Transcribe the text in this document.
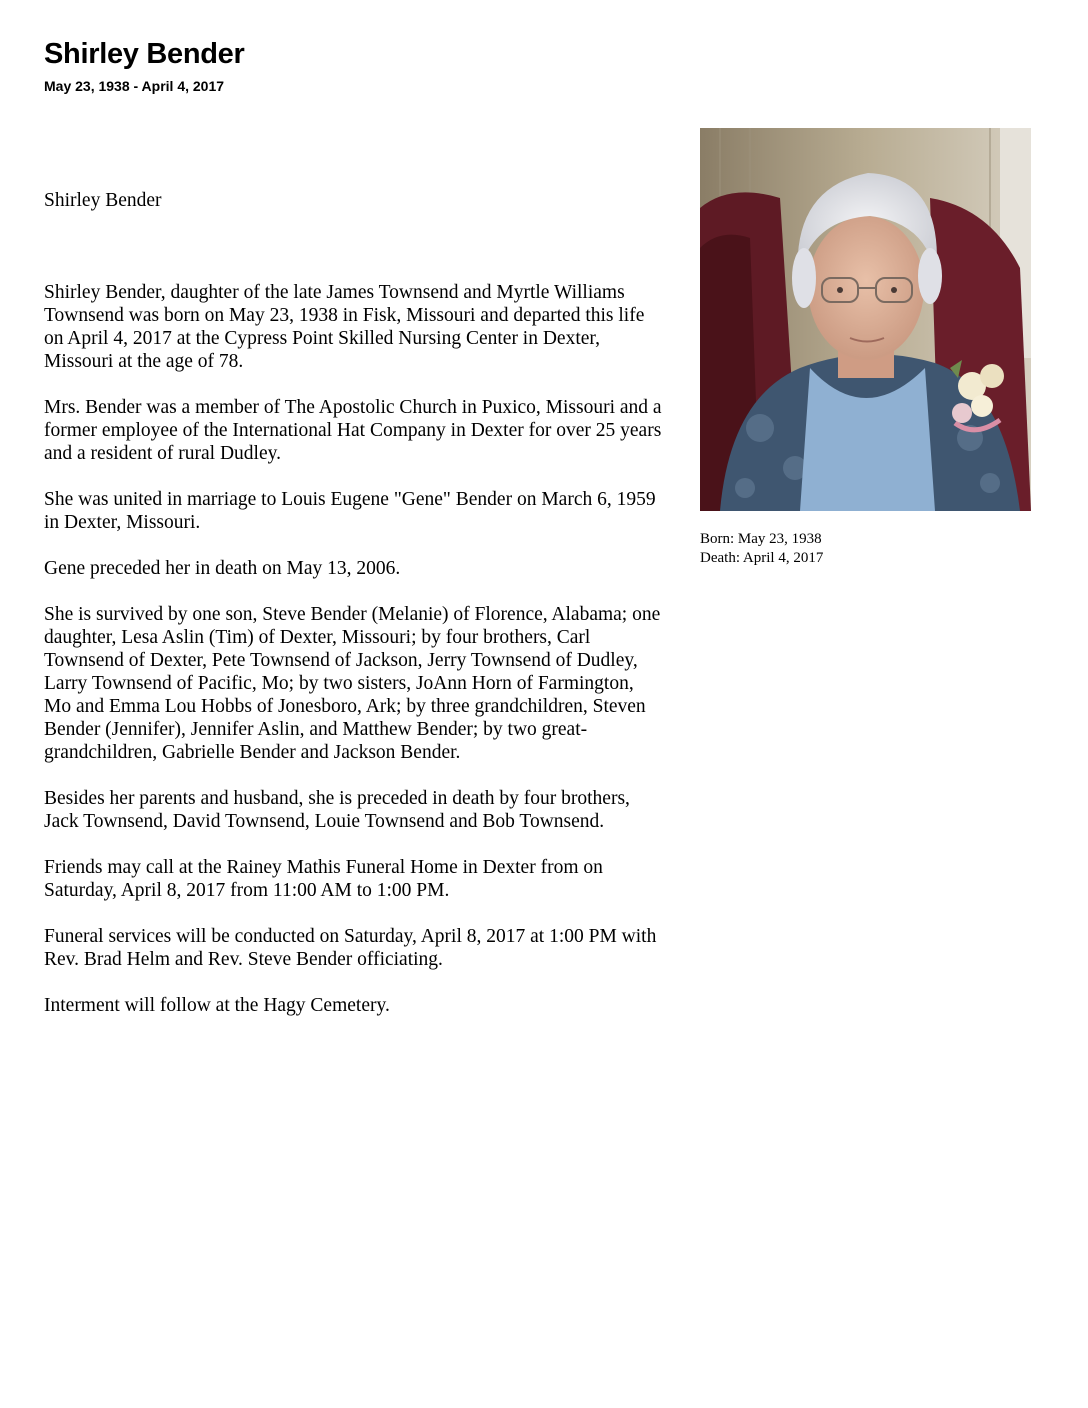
Shirley Bender
May 23, 1938 - April 4, 2017

Shirley Bender

Shirley Bender, daughter of the late James Townsend and Myrtle Williams Townsend was born on May 23, 1938 in Fisk, Missouri and departed this life on April 4, 2017 at the Cypress Point Skilled Nursing Center in Dexter, Missouri at the age of 78.

Mrs. Bender was a member of The Apostolic Church in Puxico, Missouri and a former employee of the International Hat Company in Dexter for over 25 years and a resident of rural Dudley.

She was united in marriage to Louis Eugene "Gene" Bender on March 6, 1959 in Dexter, Missouri.

Gene preceded her in death on May 13, 2006.

She is survived by one son, Steve Bender (Melanie) of Florence, Alabama; one daughter, Lesa Aslin (Tim) of Dexter, Missouri; by four brothers, Carl Townsend of Dexter, Pete Townsend of Jackson, Jerry Townsend of Dudley, Larry Townsend of Pacific, Mo; by two sisters, JoAnn Horn of Farmington, Mo and Emma Lou Hobbs of Jonesboro, Ark; by three grandchildren, Steven Bender (Jennifer), Jennifer Aslin, and Matthew Bender; by two great-grandchildren, Gabrielle Bender and Jackson Bender.

Besides her parents and husband, she is preceded in death by four brothers, Jack Townsend, David Townsend, Louie Townsend and Bob Townsend.

Friends may call at the Rainey Mathis Funeral Home in Dexter from on Saturday, April 8, 2017 from 11:00 AM to 1:00 PM.

Funeral services will be conducted on Saturday, April 8, 2017 at 1:00 PM with Rev. Brad Helm and Rev. Steve Bender officiating.

Interment will follow at the Hagy Cemetery.

Born: May 23, 1938
Death: April 4, 2017
